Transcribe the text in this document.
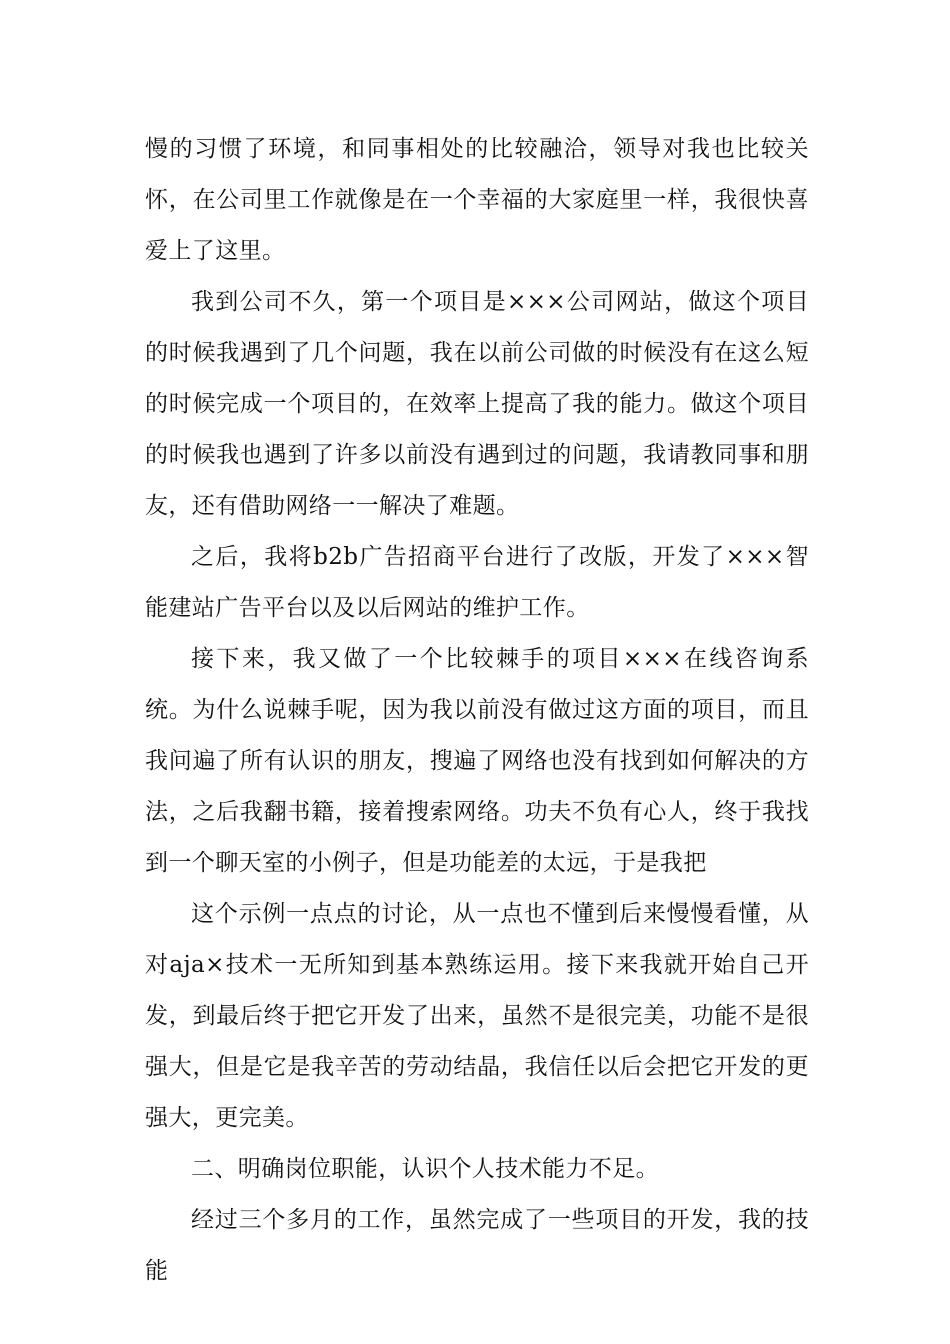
慢的习惯了环境，和同事相处的比较融洽，领导对我也比较关怀，在公司里工作就像是在一个幸福的大家庭里一样，我很快喜爱上了这里。

我到公司不久，第一个项目是×××公司网站，做这个项目的时候我遇到了几个问题，我在以前公司做的时候没有在这么短的时候完成一个项目的，在效率上提高了我的能力。做这个项目的时候我也遇到了许多以前没有遇到过的问题，我请教同事和朋友，还有借助网络一一解决了难题。

之后，我将b2b广告招商平台进行了改版，开发了×××智能建站广告平台以及以后网站的维护工作。

接下来，我又做了一个比较棘手的项目×××在线咨询系统。为什么说棘手呢，因为我以前没有做过这方面的项目，而且我问遍了所有认识的朋友，搜遍了网络也没有找到如何解决的方法，之后我翻书籍，接着搜索网络。功夫不负有心人，终于我找到一个聊天室的小例子，但是功能差的太远，于是我把

这个示例一点点的讨论，从一点也不懂到后来慢慢看懂，从对aja×技术一无所知到基本熟练运用。接下来我就开始自己开发，到最后终于把它开发了出来，虽然不是很完美，功能不是很强大，但是它是我辛苦的劳动结晶，我信任以后会把它开发的更强大，更完美。

二、明确岗位职能，认识个人技术能力不足。

经过三个多月的工作，虽然完成了一些项目的开发，我的技能
